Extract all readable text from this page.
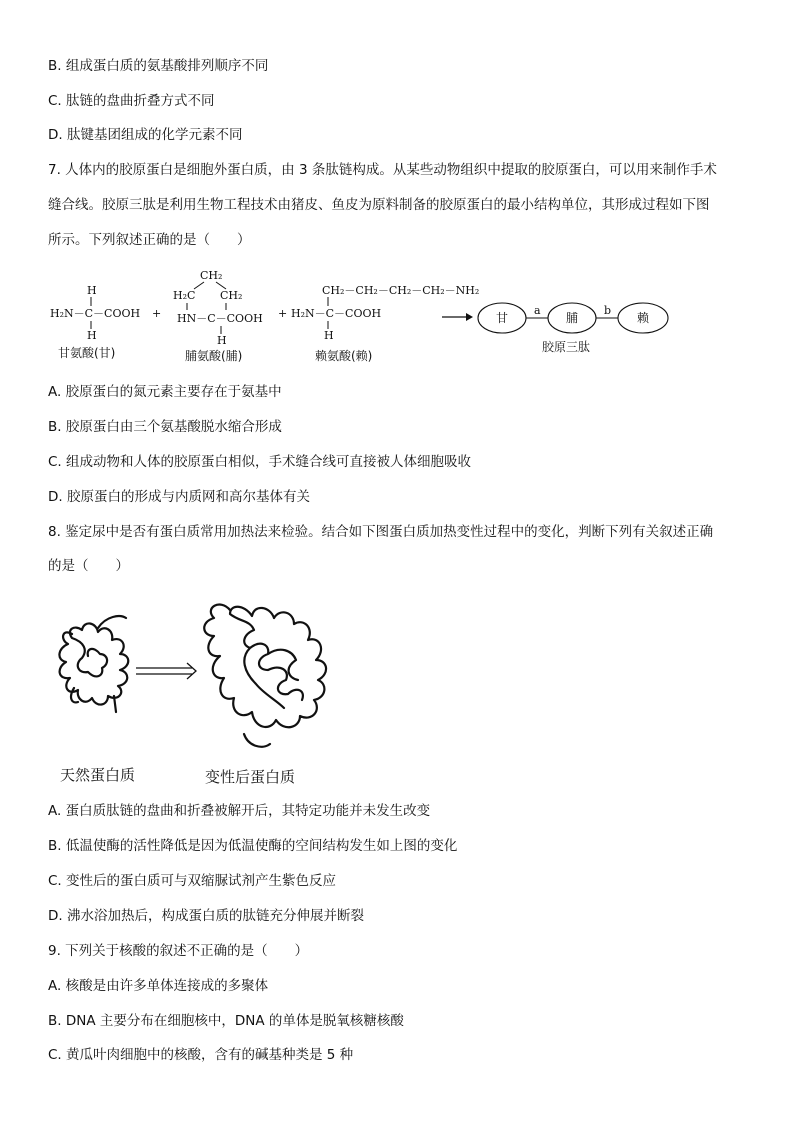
B. 组成蛋白质的氨基酸排列顺序不同
C. 肽链的盘曲折叠方式不同
D. 肽键基团组成的化学元素不同
7. 人体内的胶原蛋白是细胞外蛋白质，由 3 条肽链构成。从某些动物组织中提取的胶原蛋白，可以用来制作手术
缝合线。胶原三肽是利用生物工程技术由猪皮、鱼皮为原料制备的胶原蛋白的最小结构单位，其形成过程如下图
所示。下列叙述正确的是（　　）
H
H₂N－C－COOH
H
甘氨酸(甘)
+
CH₂
H₂C CH₂
HN－C－COOH
H
脯氨酸(脯)
+
CH₂－CH₂－CH₂－CH₂－NH₂
H₂N－C－COOH
H
赖氨酸(赖)
甘
a
脯
b
赖
胶原三肽
A. 胶原蛋白的氮元素主要存在于氨基中
B. 胶原蛋白由三个氨基酸脱水缩合形成
C. 组成动物和人体的胶原蛋白相似，手术缝合线可直接被人体细胞吸收
D. 胶原蛋白的形成与内质网和高尔基体有关
8. 鉴定尿中是否有蛋白质常用加热法来检验。结合如下图蛋白质加热变性过程中的变化，判断下列有关叙述正确
的是（　　）
天然蛋白质	变性后蛋白质
A. 蛋白质肽链的盘曲和折叠被解开后，其特定功能并未发生改变
B. 低温使酶的活性降低是因为低温使酶的空间结构发生如上图的变化
C. 变性后的蛋白质可与双缩脲试剂产生紫色反应
D. 沸水浴加热后，构成蛋白质的肽链充分伸展并断裂
9. 下列关于核酸的叙述不正确的是（　　）
A. 核酸是由许多单体连接成的多聚体
B. DNA 主要分布在细胞核中，DNA 的单体是脱氧核糖核酸
C. 黄瓜叶肉细胞中的核酸，含有的碱基种类是 5 种
